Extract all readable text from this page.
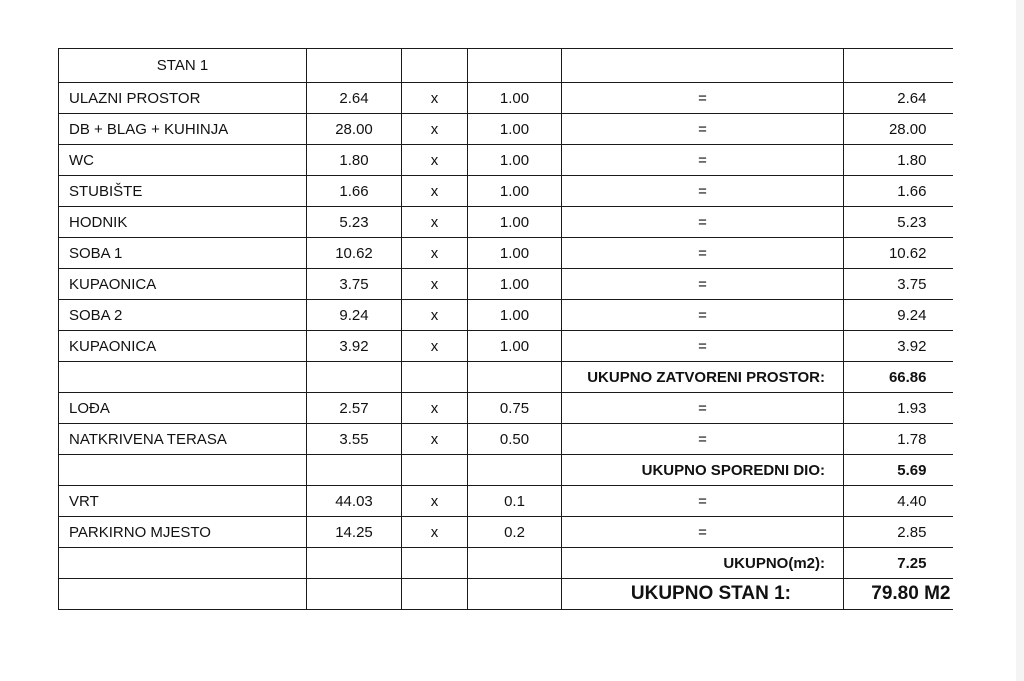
STAN 1					
ULAZNI PROSTOR	2.64	x	1.00	=	2.64
DB + BLAG + KUHINJA	28.00	x	1.00	=	28.00
WC	1.80	x	1.00	=	1.80
STUBIŠTE	1.66	x	1.00	=	1.66
HODNIK	5.23	x	1.00	=	5.23
SOBA 1	10.62	x	1.00	=	10.62
KUPAONICA	3.75	x	1.00	=	3.75
SOBA 2	9.24	x	1.00	=	9.24
KUPAONICA	3.92	x	1.00	=	3.92
				UKUPNO ZATVORENI PROSTOR:	66.86
LOĐA	2.57	x	0.75	=	1.93
NATKRIVENA TERASA	3.55	x	0.50	=	1.78
				UKUPNO SPOREDNI DIO:	5.69
VRT	44.03	x	0.1	=	4.40
PARKIRNO MJESTO	14.25	x	0.2	=	2.85
				UKUPNO(m2):	7.25
				UKUPNO STAN 1:	79.80 M2
